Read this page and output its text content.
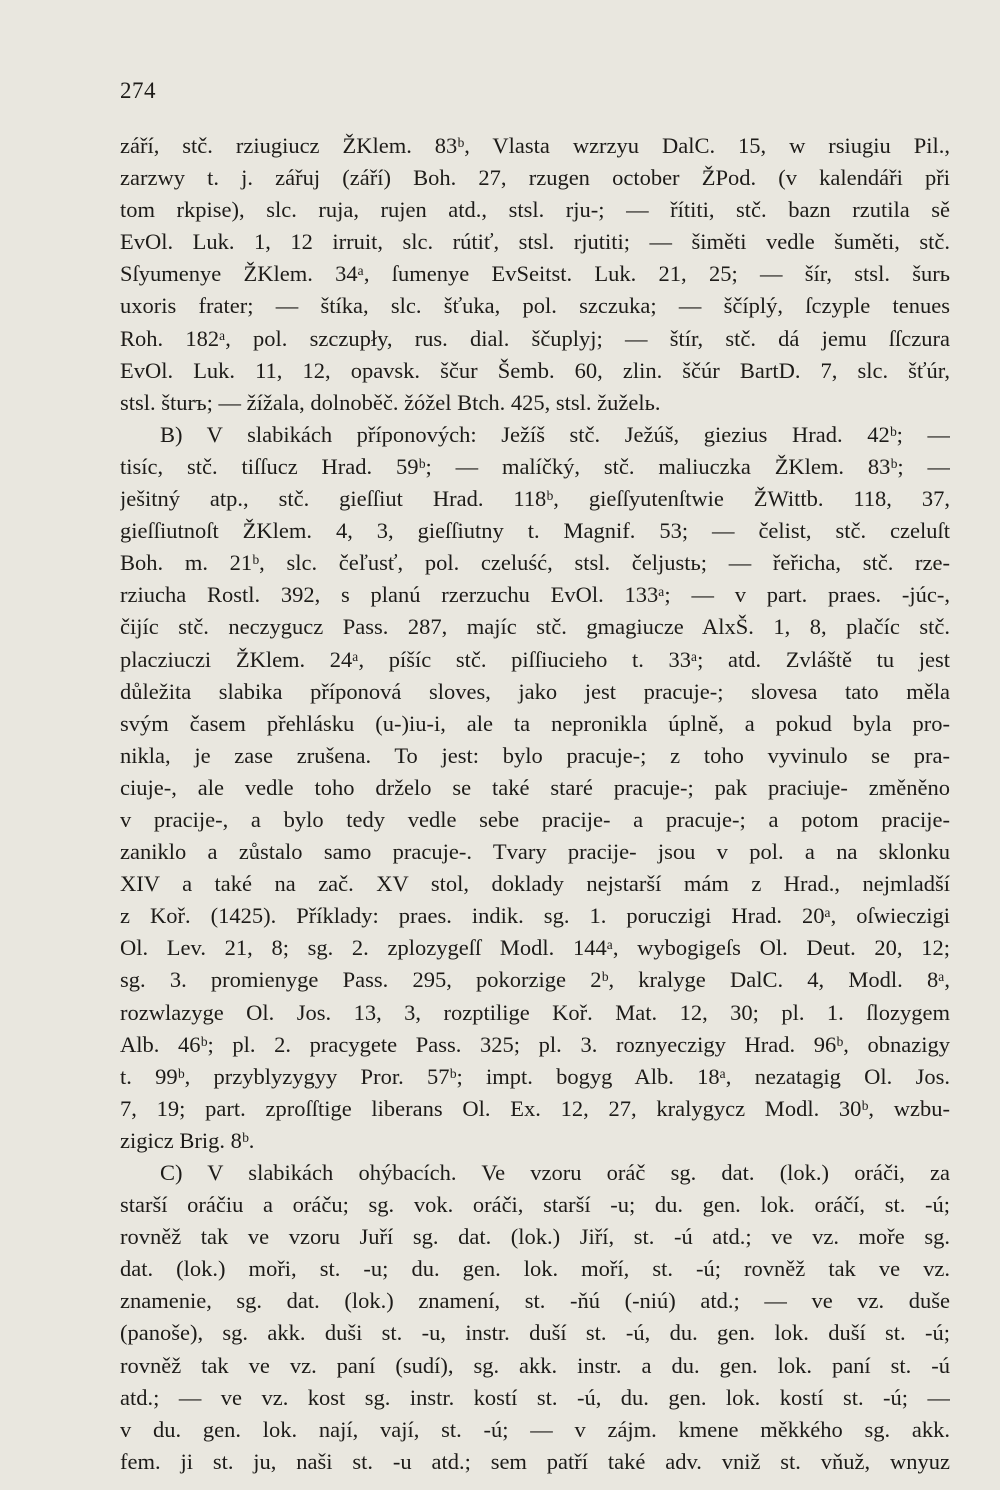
274
září, stč. rziugiucz ŽKlem. 83ᵇ, Vlasta wzrzyu DalC. 15, w rsiugiu Pil.,
zarzwy t. j. zářuj (září) Boh. 27, rzugen october ŽPod. (v kalendáři při
tom rkpise), slc. ruja, rujen atd., stsl. rju-; — řítiti, stč. bazn rzutila sě
EvOl. Luk. 1, 12 irruit, slc. rútiť, stsl. rjutiti; — šiměti vedle šuměti, stč.
Sſyumenye ŽKlem. 34ᵃ, ſumenye EvSeitst. Luk. 21, 25; — šír, stsl. šurь
uxoris frater; — štíka, slc. šťuka, pol. szczuka; — ščíplý, ſczyple tenues
Roh. 182ᵃ, pol. szczupły, rus. dial. ščuplyj; — štír, stč. dá jemu ſſczura
EvOl. Luk. 11, 12, opavsk. ščur Šemb. 60, zlin. ščúr BartD. 7, slc. šťúr,
stsl. šturъ; — žížala, dolnoběč. žóžel Btch. 425, stsl. žuželь.
B) V slabikách příponových: Ježíš stč. Ježúš, giezius Hrad. 42ᵇ; —
tisíc, stč. tiſſucz Hrad. 59ᵇ; — malíčký, stč. maliuczka ŽKlem. 83ᵇ; —
ješitný atp., stč. gieſſiut Hrad. 118ᵇ, gieſſyutenſtwie ŽWittb. 118, 37,
gieſſiutnoſt ŽKlem. 4, 3, gieſſiutny t. Magnif. 53; — čelist, stč. czeluſt
Boh. m. 21ᵇ, slc. čeľusť, pol. czeluść, stsl. čeljustь; — řeřicha, stč. rze-
rziucha Rostl. 392, s planú rzerzuchu EvOl. 133ᵃ; — v part. praes. -júc-,
čijíc stč. neczygucz Pass. 287, majíc stč. gmagiucze AlxŠ. 1, 8, plačíc stč.
placziuczi ŽKlem. 24ᵃ, píšíc stč. piſſiucieho t. 33ᵃ; atd. Zvláště tu jest
důležita slabika příponová sloves, jako jest pracuje-; slovesa tato měla
svým časem přehlásku (u-)iu-i, ale ta nepronikla úplně, a pokud byla pro-
nikla, je zase zrušena. To jest: bylo pracuje-; z toho vyvinulo se pra-
ciuje-, ale vedle toho drželo se také staré pracuje-; pak praciuje- změněno
v pracije-, a bylo tedy vedle sebe pracije- a pracuje-; a potom pracije-
zaniklo a zůstalo samo pracuje-. Tvary pracije- jsou v pol. a na sklonku
XIV a také na zač. XV stol, doklady nejstarší mám z Hrad., nejmladší
z Koř. (1425). Příklady: praes. indik. sg. 1. poruczigi Hrad. 20ᵃ, oſwieczigi
Ol. Lev. 21, 8; sg. 2. zplozygeſſ Modl. 144ᵃ, wybogigeſs Ol. Deut. 20, 12;
sg. 3. promienyge Pass. 295, pokorzige 2ᵇ, kralyge DalC. 4, Modl. 8ᵃ,
rozwlazyge Ol. Jos. 13, 3, rozptilige Koř. Mat. 12, 30; pl. 1. ſlozygem
Alb. 46ᵇ; pl. 2. pracygete Pass. 325; pl. 3. roznyeczigy Hrad. 96ᵇ, obnazigy
t. 99ᵇ, przyblyzygyy Pror. 57ᵇ; impt. bogyg Alb. 18ᵃ, nezatagig Ol. Jos.
7, 19; part. zproſſtige liberans Ol. Ex. 12, 27, kralygycz Modl. 30ᵇ, wzbu-
zigicz Brig. 8ᵇ.
C) V slabikách ohýbacích. Ve vzoru oráč sg. dat. (lok.) oráči, za
starší oráčiu a oráču; sg. vok. oráči, starší -u; du. gen. lok. oráčí, st. -ú;
rovněž tak ve vzoru Juří sg. dat. (lok.) Jiří, st. -ú atd.; ve vz. moře sg.
dat. (lok.) moři, st. -u; du. gen. lok. moří, st. -ú; rovněž tak ve vz.
znamenie, sg. dat. (lok.) znamení, st. -ňú (-niú) atd.; — ve vz. duše
(panoše), sg. akk. duši st. -u, instr. duší st. -ú, du. gen. lok. duší st. -ú;
rovněž tak ve vz. paní (sudí), sg. akk. instr. a du. gen. lok. paní st. -ú
atd.; — ve vz. kost sg. instr. kostí st. -ú, du. gen. lok. kostí st. -ú; —
v du. gen. lok. nají, vají, st. -ú; — v zájm. kmene měkkého sg. akk.
fem. ji st. ju, naši st. -u atd.; sem patří také adv. vniž st. vňuž, wnyuz
